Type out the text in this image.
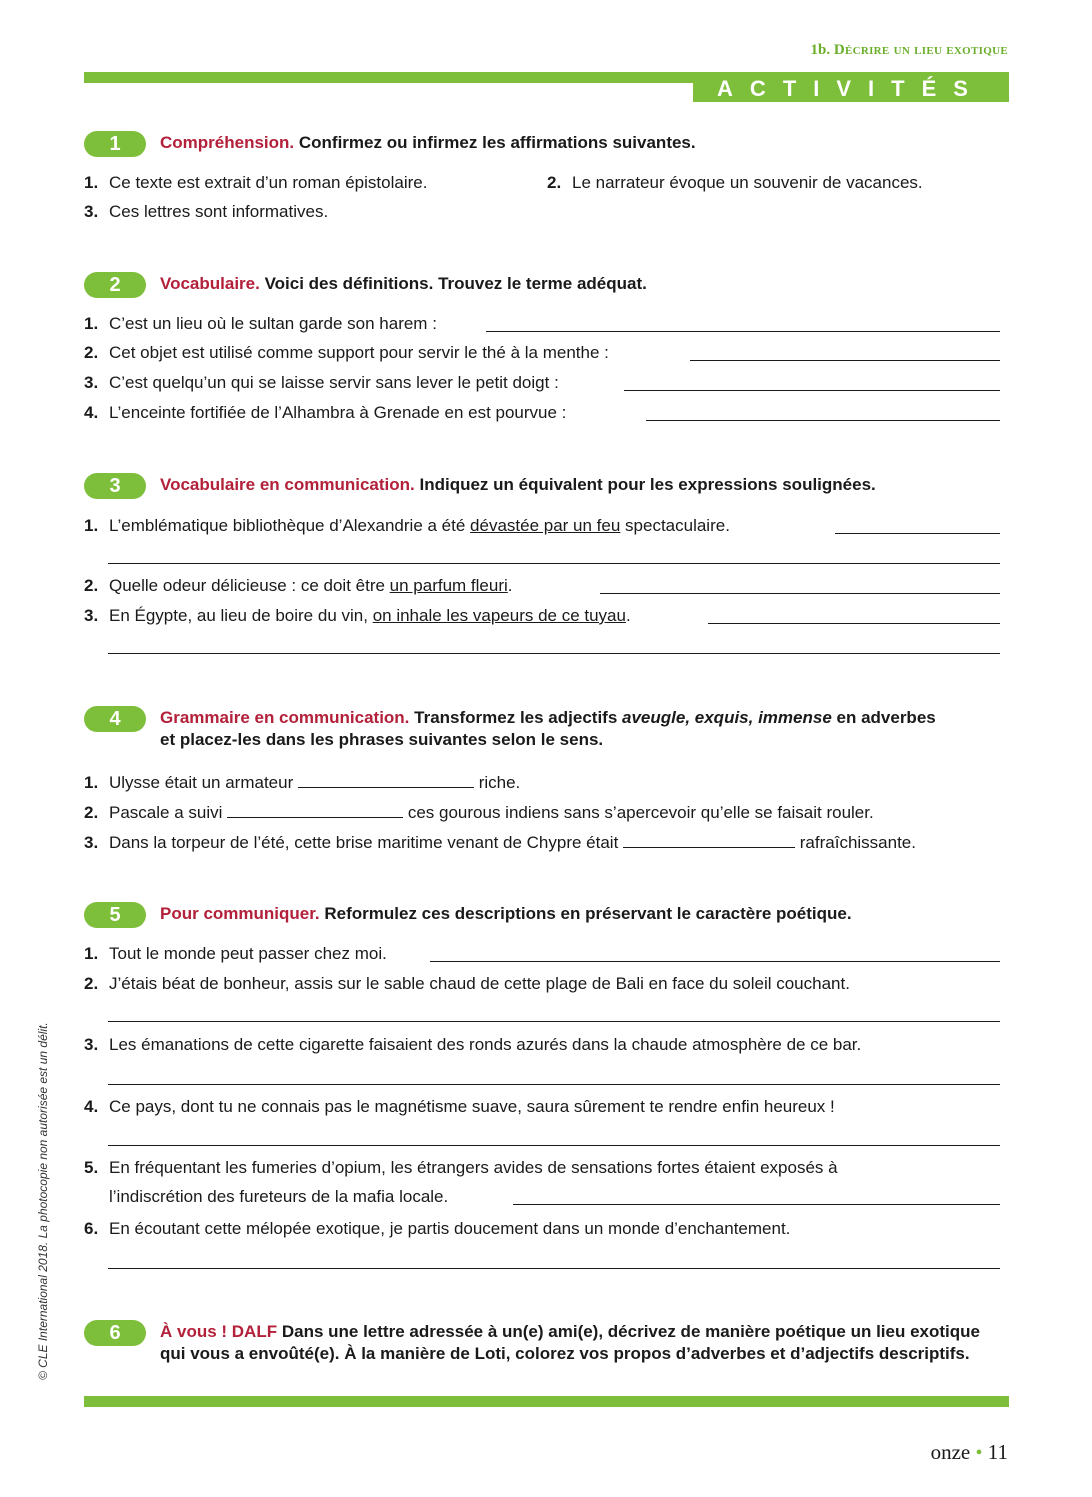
1b. Décrire un lieu exotique
ACTIVITÉS
1	Compréhension. Confirmez ou infirmez les affirmations suivantes.
1. Ce texte est extrait d’un roman épistolaire.	2. Le narrateur évoque un souvenir de vacances.
3. Ces lettres sont informatives.
2	Vocabulaire. Voici des définitions. Trouvez le terme adéquat.
1. C’est un lieu où le sultan garde son harem :
2. Cet objet est utilisé comme support pour servir le thé à la menthe :
3. C’est quelqu’un qui se laisse servir sans lever le petit doigt :
4. L’enceinte fortifiée de l’Alhambra à Grenade en est pourvue :
3	Vocabulaire en communication. Indiquez un équivalent pour les expressions soulignées.
1. L’emblématique bibliothèque d’Alexandrie a été dévastée par un feu spectaculaire.
2. Quelle odeur délicieuse : ce doit être un parfum fleuri.
3. En Égypte, au lieu de boire du vin, on inhale les vapeurs de ce tuyau.
4	Grammaire en communication. Transformez les adjectifs aveugle, exquis, immense en adverbes
et placez-les dans les phrases suivantes selon le sens.
1. Ulysse était un armateur	riche.
2. Pascale a suivi	ces gourous indiens sans s’apercevoir qu’elle se faisait rouler.
3. Dans la torpeur de l’été, cette brise maritime venant de Chypre était	rafraîchissante.
5	Pour communiquer. Reformulez ces descriptions en préservant le caractère poétique.
1. Tout le monde peut passer chez moi.
2. J’étais béat de bonheur, assis sur le sable chaud de cette plage de Bali en face du soleil couchant.
3. Les émanations de cette cigarette faisaient des ronds azurés dans la chaude atmosphère de ce bar.
4. Ce pays, dont tu ne connais pas le magnétisme suave, saura sûrement te rendre enfin heureux !
5. En fréquentant les fumeries d’opium, les étrangers avides de sensations fortes étaient exposés à
l’indiscrétion des fureteurs de la mafia locale.
6. En écoutant cette mélopée exotique, je partis doucement dans un monde d’enchantement.
6	À vous ! DALF Dans une lettre adressée à un(e) ami(e), décrivez de manière poétique un lieu exotique
qui vous a envoûté(e). À la manière de Loti, colorez vos propos d’adverbes et d’adjectifs descriptifs.
© CLE International 2018. La photocopie non autorisée est un délit.
onze • 11
